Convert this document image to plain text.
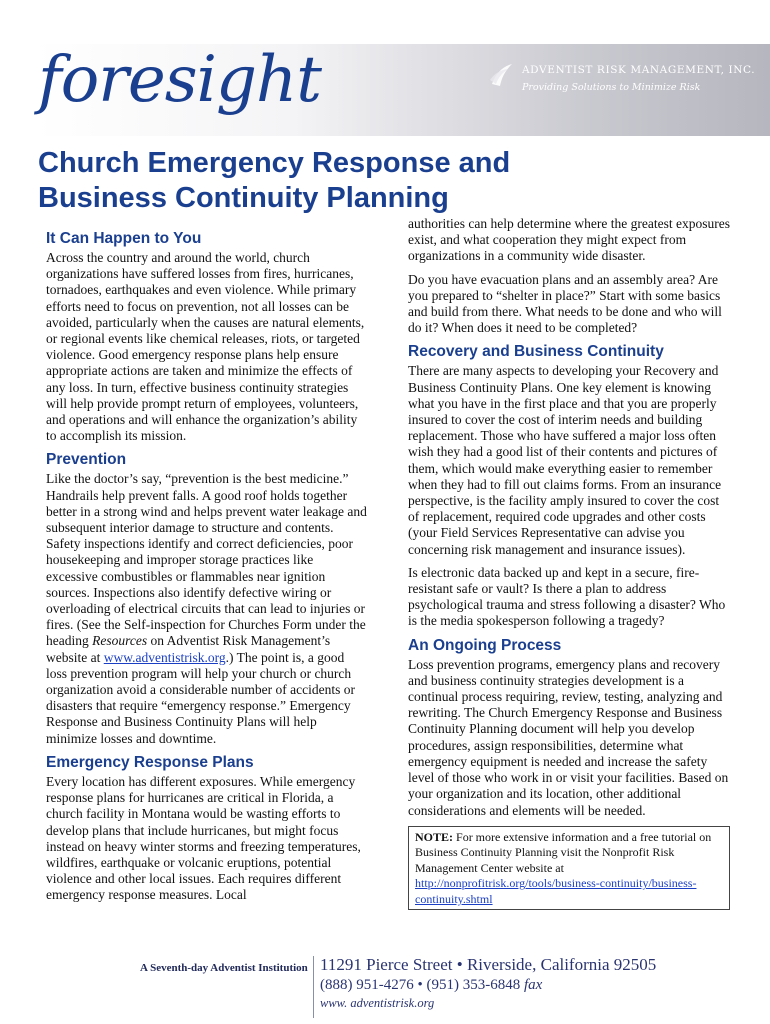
foresight	ADVENTIST RISK MANAGEMENT, INC.
Providing Solutions to Minimize Risk
Church Emergency Response and
Business Continuity Planning
It Can Happen to You

Across the country and around the world, church organizations have suffered losses from fires, hurricanes, tornadoes, earthquakes and even violence. While primary efforts need to focus on prevention, not all losses can be avoided, particularly when the causes are natural elements, or regional events like chemical releases, riots, or targeted violence. Good emergency response plans help ensure appropriate actions are taken and minimize the effects of any loss. In turn, effective business continuity strategies will help provide prompt return of employees, volunteers, and operations and will enhance the organization’s ability to accomplish its mission.

Prevention

Like the doctor’s say, “prevention is the best medicine.” Handrails help prevent falls. A good roof holds together better in a strong wind and helps prevent water leakage and subsequent interior damage to structure and contents. Safety inspections identify and correct deficiencies, poor housekeeping and improper storage practices like excessive combustibles or flammables near ignition sources. Inspections also identify defective wiring or overloading of electrical circuits that can lead to injuries or fires. (See the Self-inspection for Churches Form under the heading Resources on Adventist Risk Management’s website at www.adventistrisk.org.) The point is, a good loss prevention program will help your church or church organization avoid a considerable number of accidents or disasters that require “emergency response.” Emergency Response and Business Continuity Plans will help minimize losses and downtime.

Emergency Response Plans

Every location has different exposures. While emergency response plans for hurricanes are critical in Florida, a church facility in Montana would be wasting efforts to develop plans that include hurricanes, but might focus instead on heavy winter storms and freezing temperatures, wildfires, earthquake or volcanic eruptions, potential violence and other local issues. Each requires different emergency response measures. Local

authorities can help determine where the greatest exposures exist, and what cooperation they might expect from organizations in a community wide disaster.

Do you have evacuation plans and an assembly area? Are you prepared to “shelter in place?” Start with some basics and build from there. What needs to be done and who will do it? When does it need to be completed?

Recovery and Business Continuity

There are many aspects to developing your Recovery and Business Continuity Plans. One key element is knowing what you have in the first place and that you are properly insured to cover the cost of interim needs and building replacement. Those who have suffered a major loss often wish they had a good list of their contents and pictures of them, which would make everything easier to remember when they had to fill out claims forms. From an insurance perspective, is the facility amply insured to cover the cost of replacement, required code upgrades and other costs (your Field Services Representative can advise you concerning risk management and insurance issues).

Is electronic data backed up and kept in a secure, fire-resistant safe or vault? Is there a plan to address psychological trauma and stress following a disaster? Who is the media spokesperson following a tragedy?

An Ongoing Process

Loss prevention programs, emergency plans and recovery and business continuity strategies development is a continual process requiring, review, testing, analyzing and rewriting. The Church Emergency Response and Business Continuity Planning document will help you develop procedures, assign responsibilities, determine what emergency equipment is needed and increase the safety level of those who work in or visit your facilities. Based on your organization and its location, other additional considerations and elements will be needed.

NOTE: For more extensive information and a free tutorial on Business Continuity Planning visit the Nonprofit Risk Management Center website at http://nonprofitrisk.org/tools/business-continuity/business-continuity.shtml
A Seventh-day Adventist Institution 11291 Pierce Street • Riverside, California 92505
(888) 951-4276 • (951) 353-6848 fax
www. adventistrisk.org
